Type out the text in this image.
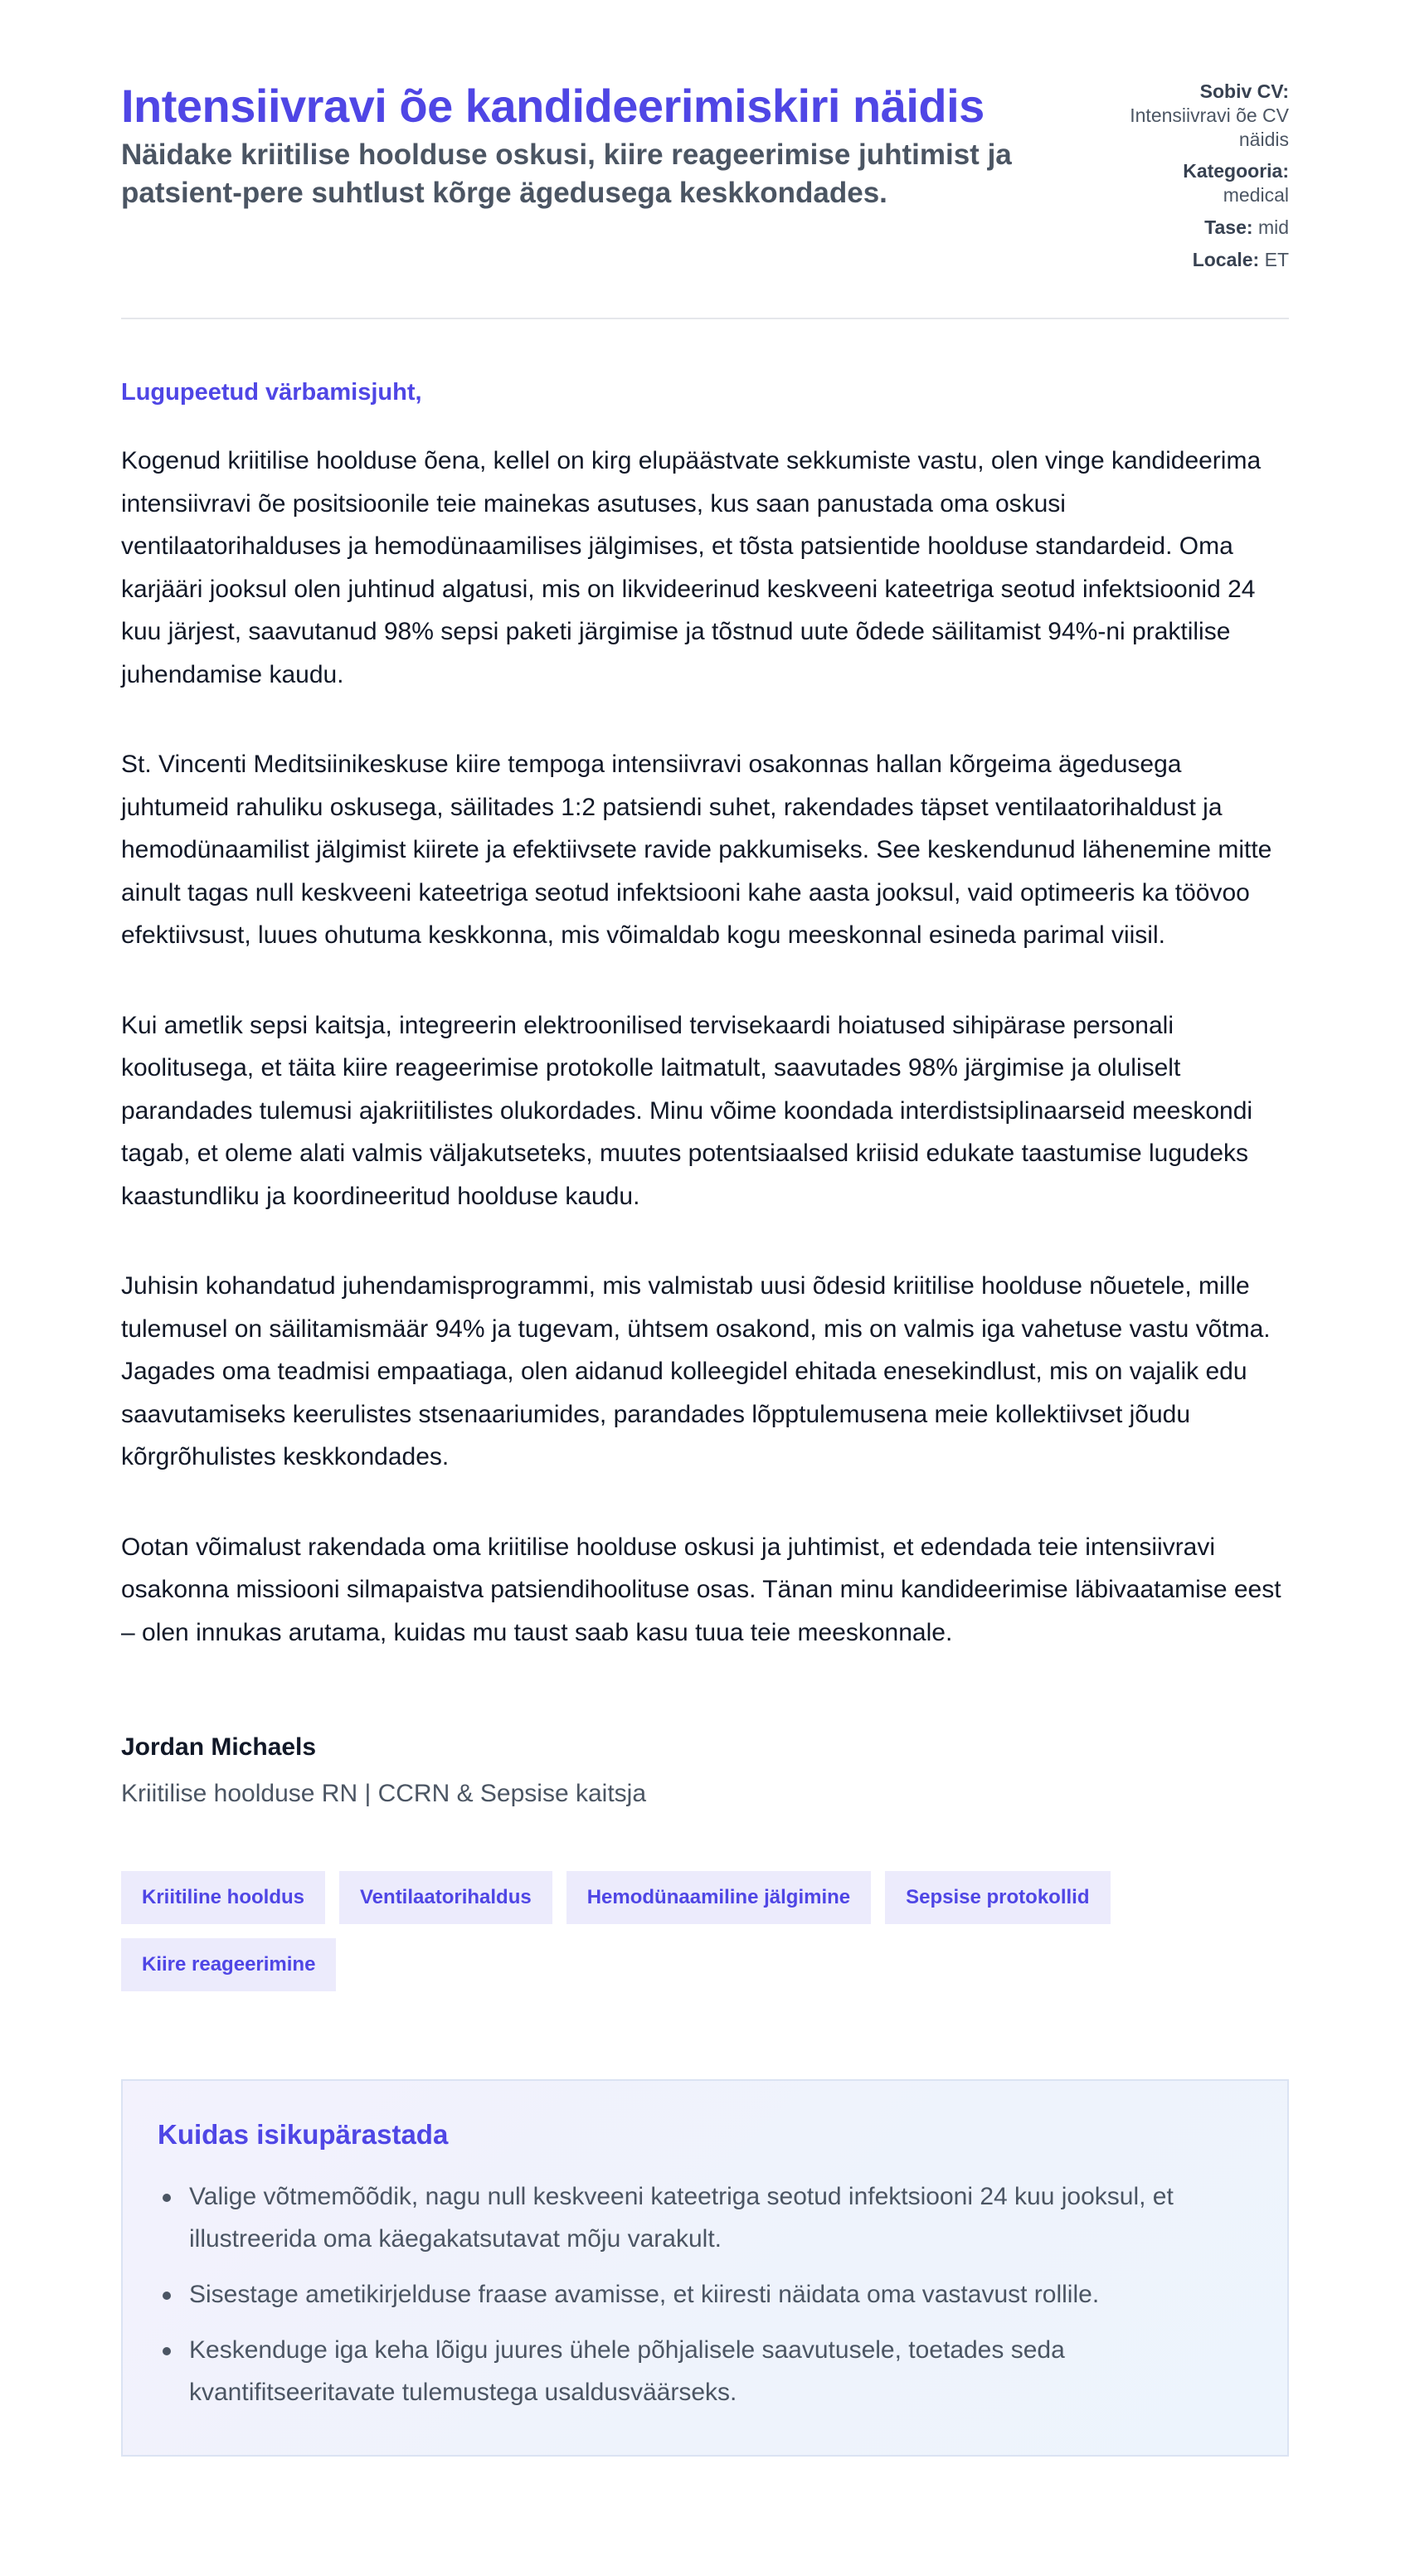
Intensiivravi õe kandideerimiskiri näidis
Näidake kriitilise hoolduse oskusi, kiire reageerimise juhtimist ja patsient-pere suhtlust kõrge ägedusega keskkondades.
Sobiv CV:
Intensiivravi õe CV näidis
Kategooria:
medical
Tase: mid
Locale: ET

Lugupeetud värbamisjuht,

Kogenud kriitilise hoolduse õena, kellel on kirg elupäästvate sekkumiste vastu, olen vinge kandideerima intensiivravi õe positsioonile teie mainekas asutuses, kus saan panustada oma oskusi ventilaatorihalduses ja hemodünaamilises jälgimises, et tõsta patsientide hoolduse standardeid. Oma karjääri jooksul olen juhtinud algatusi, mis on likvideerinud keskveeni kateetriga seotud infektsioonid 24 kuu järjest, saavutanud 98% sepsi paketi järgimise ja tõstnud uute õdede säilitamist 94%-ni praktilise juhendamise kaudu.

St. Vincenti Meditsiinikeskuse kiire tempoga intensiivravi osakonnas hallan kõrgeima ägedusega juhtumeid rahuliku oskusega, säilitades 1:2 patsiendi suhet, rakendades täpset ventilaatorihaldust ja hemodünaamilist jälgimist kiirete ja efektiivsete ravide pakkumiseks. See keskendunud lähenemine mitte ainult tagas null keskveeni kateetriga seotud infektsiooni kahe aasta jooksul, vaid optimeeris ka töövoo efektiivsust, luues ohutuma keskkonna, mis võimaldab kogu meeskonnal esineda parimal viisil.

Kui ametlik sepsi kaitsja, integreerin elektroonilised tervisekaardi hoiatused sihipärase personali koolitusega, et täita kiire reageerimise protokolle laitmatult, saavutades 98% järgimise ja oluliselt parandades tulemusi ajakriitilistes olukordades. Minu võime koondada interdistsiplinaarseid meeskondi tagab, et oleme alati valmis väljakutseteks, muutes potentsiaalsed kriisid edukate taastumise lugudeks kaastundliku ja koordineeritud hoolduse kaudu.

Juhisin kohandatud juhendamisprogrammi, mis valmistab uusi õdesid kriitilise hoolduse nõuetele, mille tulemusel on säilitamismäär 94% ja tugevam, ühtsem osakond, mis on valmis iga vahetuse vastu võtma. Jagades oma teadmisi empaatiaga, olen aidanud kolleegidel ehitada enesekindlust, mis on vajalik edu saavutamiseks keerulistes stsenaariumides, parandades lõpptulemusena meie kollektiivset jõudu kõrgrõhulistes keskkondades.

Ootan võimalust rakendada oma kriitilise hoolduse oskusi ja juhtimist, et edendada teie intensiivravi osakonna missiooni silmapaistva patsiendihoolituse osas. Tänan minu kandideerimise läbivaatamise eest – olen innukas arutama, kuidas mu taust saab kasu tuua teie meeskonnale.

Jordan Michaels
Kriitilise hoolduse RN | CCRN & Sepsise kaitsja
Kriitiline hooldus	Ventilaatorihaldus	Hemodünaamiline jälgimine	Sepsise protokollid
Kiire reageerimine
Kuidas isikupärastada
Valige võtmemõõdik, nagu null keskveeni kateetriga seotud infektsiooni 24 kuu jooksul, et illustreerida oma käegakatsutavat mõju varakult.
Sisestage ametikirjelduse fraase avamisse, et kiiresti näidata oma vastavust rollile.
Keskenduge iga keha lõigu juures ühele põhjalisele saavutusele, toetades seda kvantifitseeritavate tulemustega usaldusväärseks.
